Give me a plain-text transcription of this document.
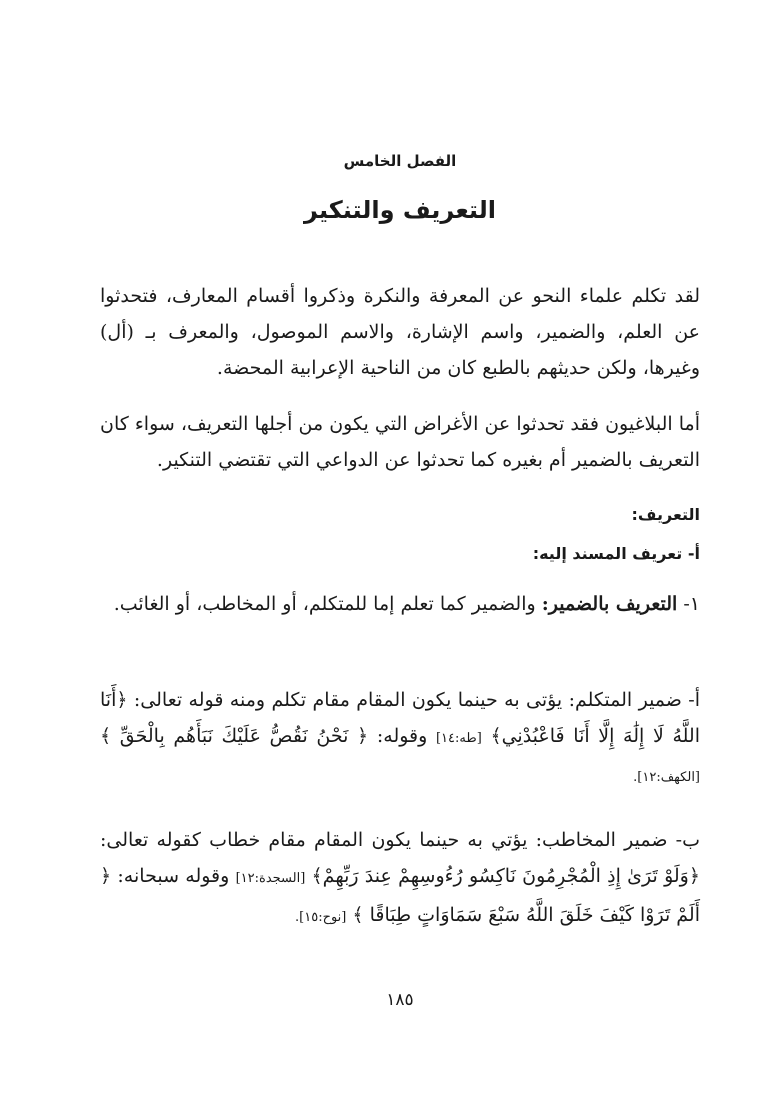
الفصل الخامس
التعريف والتنكير
لقد تكلم علماء النحو عن المعرفة والنكرة وذكروا أقسام المعارف، فتحدثوا عن العلم، والضمير، واسم الإشارة، والاسم الموصول، والمعرف بـ (أل) وغيرها، ولكن حديثهم بالطبع كان من الناحية الإعرابية المحضة.
أما البلاغيون فقد تحدثوا عن الأغراض التي يكون من أجلها التعريف، سواء كان التعريف بالضمير أم بغيره كما تحدثوا عن الدواعي التي تقتضي التنكير.
التعريف:
أ- تعريف المسند إليه:
١- التعريف بالضمير: والضمير كما تعلم إما للمتكلم، أو المخاطب، أو الغائب.
أ- ضمير المتكلم: يؤتى به حينما يكون المقام مقام تكلم ومنه قوله تعالى: ﴿أَنَا اللَّهُ لَا إِلَٰهَ إِلَّا أَنَا فَاعْبُدْنِي﴾ [طه:١٤] وقوله: ﴿ نَحْنُ نَقُصُّ عَلَيْكَ نَبَأَهُم بِالْحَقِّ ﴾ [الكهف:١٢].
ب- ضمير المخاطب: يؤتي به حينما يكون المقام مقام خطاب كقوله تعالى: ﴿وَلَوْ تَرَىٰ إِذِ الْمُجْرِمُونَ نَاكِسُو رُءُوسِهِمْ عِندَ رَبِّهِمْ﴾ [السجدة:١٢] وقوله سبحانه: ﴿ أَلَمْ تَرَوْا كَيْفَ خَلَقَ اللَّهُ سَبْعَ سَمَاوَاتٍ طِبَاقًا ﴾ [نوح:١٥].
١٨٥
